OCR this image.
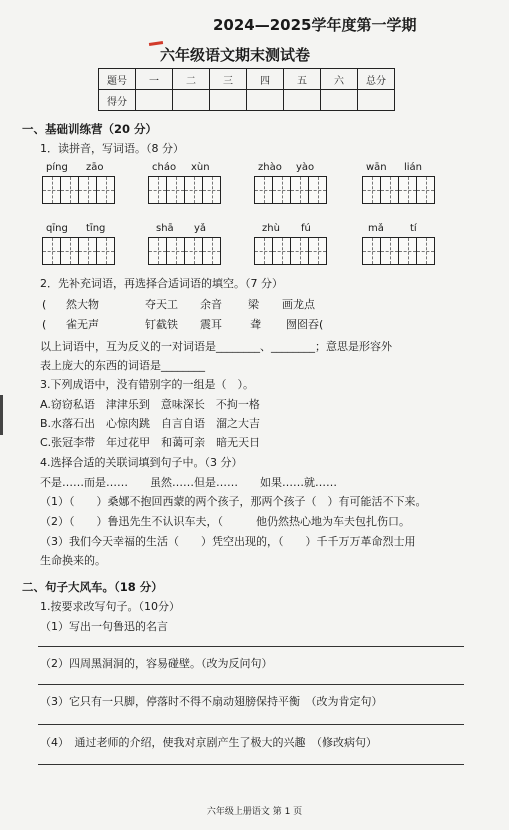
2024—2025学年度第一学期
六年级语文期末测试卷
题号	一	二	三	四	五	六	总分
得分							
一、基础训练营（20 分）
1．读拼音，写词语。（8 分）
píng zāo	cháo xùn	zhào yào	wān lián
qīng tīng	shā yǎ	zhù fú	mǎ	tí
2．先补充词语，再选择合适词语的填空。（7 分）
( 然大物	夺天工 余音 梁 画龙点
( 雀无声	钉截铁 震耳	聋 囫囵吞(
以上词语中，互为反义的一对词语是________、________；意思是形容外
表上庞大的东西的词语是________
3.下列成语中，没有错别字的一组是（　）。
A.窃窃私语　津津乐到　意味深长　不拘一格
B.水落石出　心惊肉跳　自言自语　溜之大吉
C.张冠李带　年过花甲　和蔼可亲　暗无天日
4.选择合适的关联词填到句子中。（3 分）
不是……而是……　　虽然……但是……　　如果……就……
（1）（　　）桑娜不抱回西蒙的两个孩子，那两个孩子（　）有可能活不下来。
（2）（　　）鲁迅先生不认识车夫，（　　　他仍然热心地为车夫包扎伤口。
（3）我们今天幸福的生活（　　）凭空出现的，（　　）千千万万革命烈士用
生命换来的。
二、句子大风车。（18 分）
1.按要求改写句子。（10分）
（1）写出一句鲁迅的名言
（2）四周黑洞洞的，容易碰壁。（改为反问句）
（3）它只有一只脚，停落时不得不扇动翅膀保持平衡　（改为肯定句）
（4）　通过老师的介绍，使我对京剧产生了极大的兴趣　（修改病句）
六年级上册语文 第 1 页
